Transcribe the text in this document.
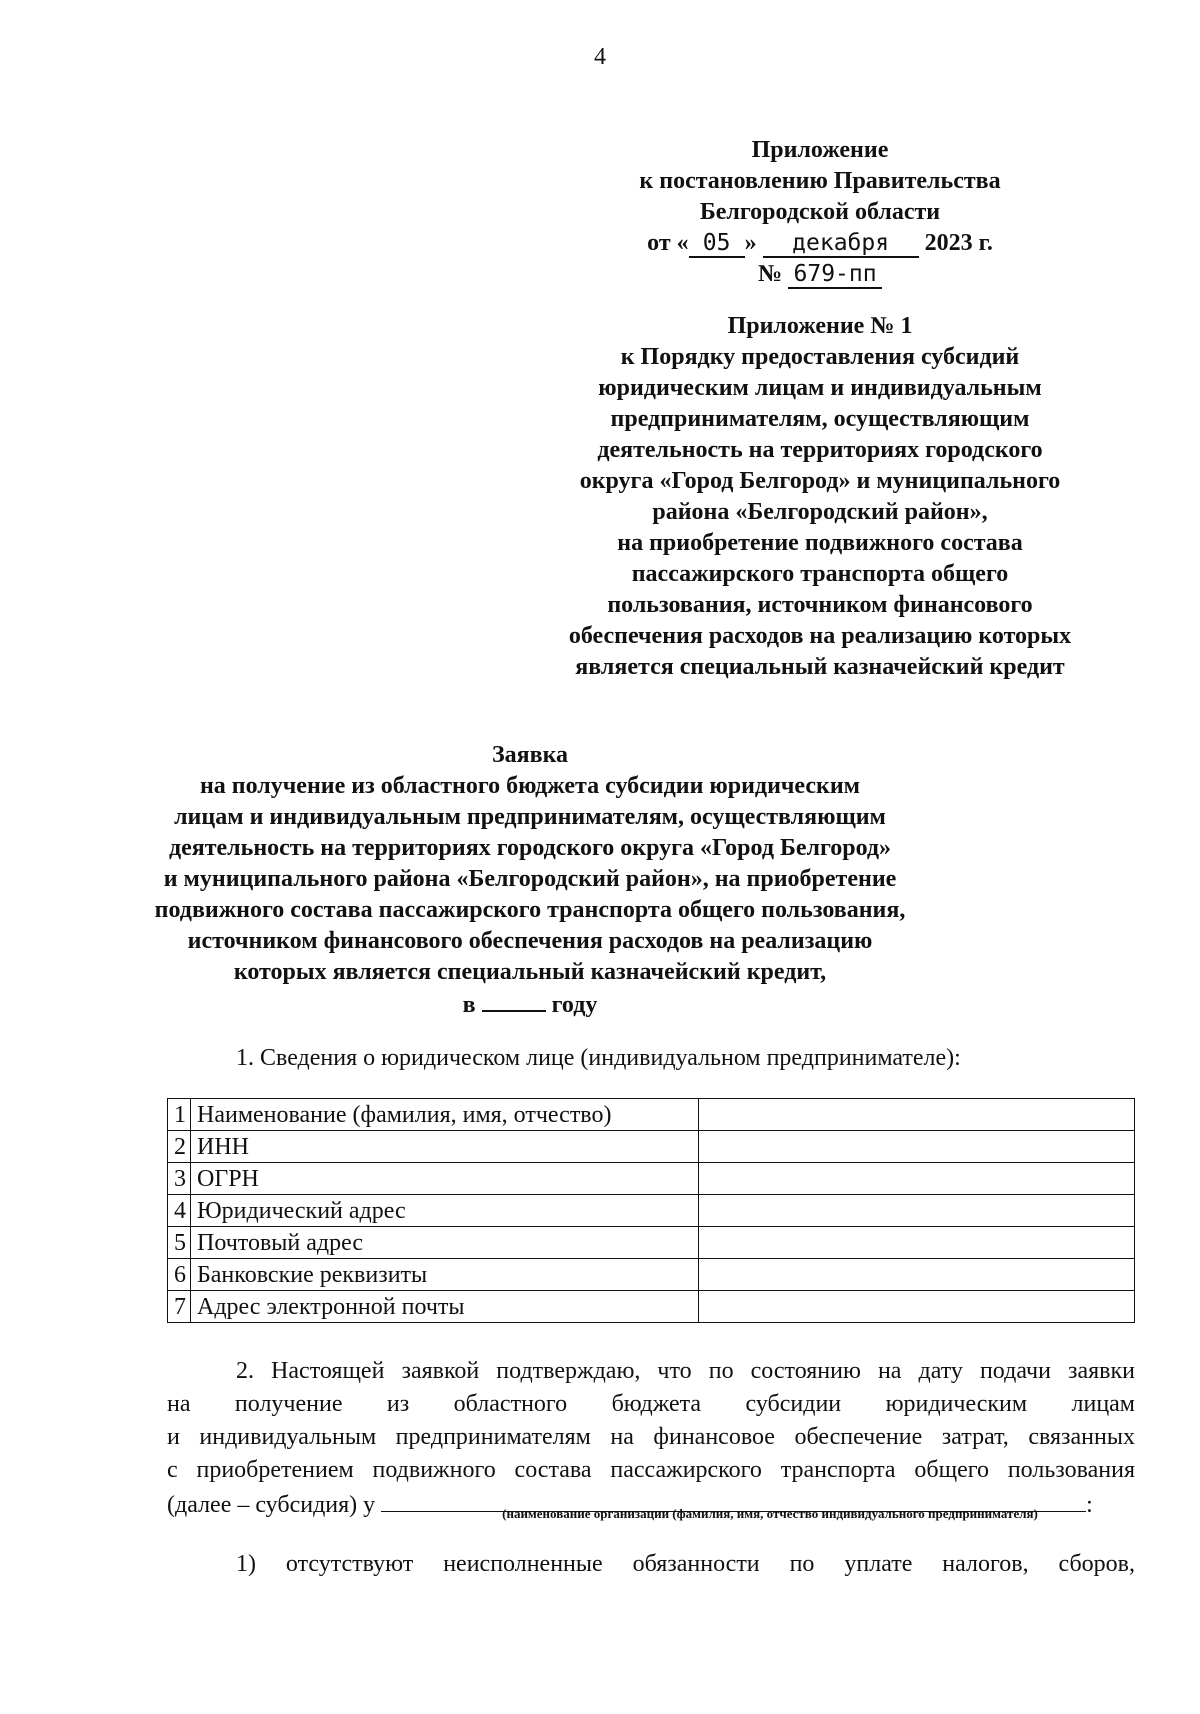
4
Приложение
к постановлению Правительства
Белгородской области
от « 05 » декабря 2023 г.
№ 679-пп
Приложение № 1
к Порядку предоставления субсидий
юридическим лицам и индивидуальным
предпринимателям, осуществляющим
деятельность на территориях городского
округа «Город Белгород» и муниципального
района «Белгородский район»,
на приобретение подвижного состава
пассажирского транспорта общего
пользования, источником финансового
обеспечения расходов на реализацию которых
является специальный казначейский кредит
Заявка
на получение из областного бюджета субсидии юридическим
лицам и индивидуальным предпринимателям, осуществляющим
деятельность на территориях городского округа «Город Белгород»
и муниципального района «Белгородский район», на приобретение
подвижного состава пассажирского транспорта общего пользования,
источником финансового обеспечения расходов на реализацию
которых является специальный казначейский кредит,
в	году
1. Сведения о юридическом лице (индивидуальном предпринимателе):
1	Наименование (фамилия, имя, отчество)	
2	ИНН	
3	ОГРН	
4	Юридический адрес	
5	Почтовый адрес	
6	Банковские реквизиты	
7	Адрес электронной почты	
2. Настоящей заявкой подтверждаю, что по состоянию на дату подачи заявки
на получение из областного бюджета субсидии юридическим лицам
и индивидуальным предпринимателям на финансовое обеспечение затрат, связанных
с приобретением подвижного состава пассажирского транспорта общего пользования
(далее – субсидия) у	:
(наименование организации (фамилия, имя, отчество индивидуального предпринимателя)
1) отсутствуют неисполненные обязанности по уплате налогов, сборов,
